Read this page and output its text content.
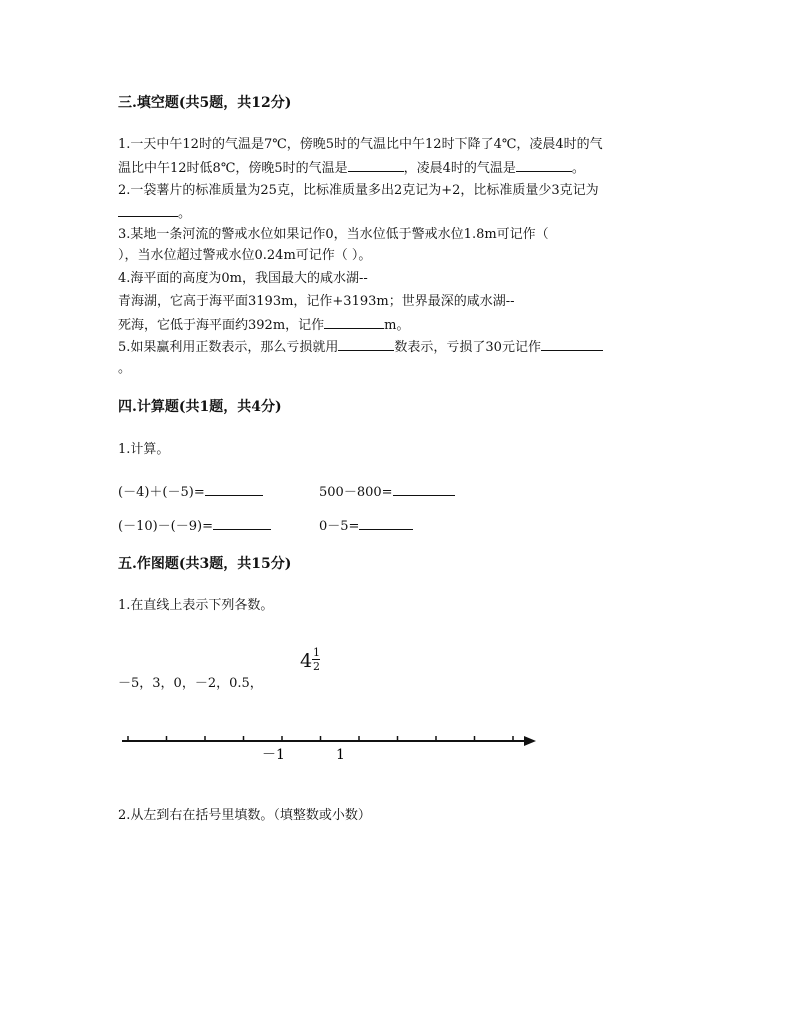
三.填空题(共5题，共12分)
1.一天中午12时的气温是7℃，傍晚5时的气温比中午12时下降了4℃，凌晨4时的气
温比中午12时低8℃，傍晚5时的气温是	，凌晨4时的气温是	。
2.一袋薯片的标准质量为25克，比标准质量多出2克记为+2，比标准质量少3克记为
。
3.某地一条河流的警戒水位如果记作0，当水位低于警戒水位1.8m可记作（
），当水位超过警戒水位0.24m可记作（ ）。
4.海平面的高度为0m，我国最大的咸水湖--
青海湖，它高于海平面3193m，记作+3193m；世界最深的咸水湖--
死海，它低于海平面约392m，记作	m。
5.如果赢利用正数表示，那么亏损就用	数表示，亏损了30元记作
。
四.计算题(共1题，共4分)
1.计算。
(－4)＋(－5)=	500－800=
(－10)－(－9)=	0－5=
五.作图题(共3题，共15分)
1.在直线上表示下列各数。
－5，3，0，－2，0.5，
4 1
2
－1	1
2.从左到右在括号里填数。（填整数或小数）
